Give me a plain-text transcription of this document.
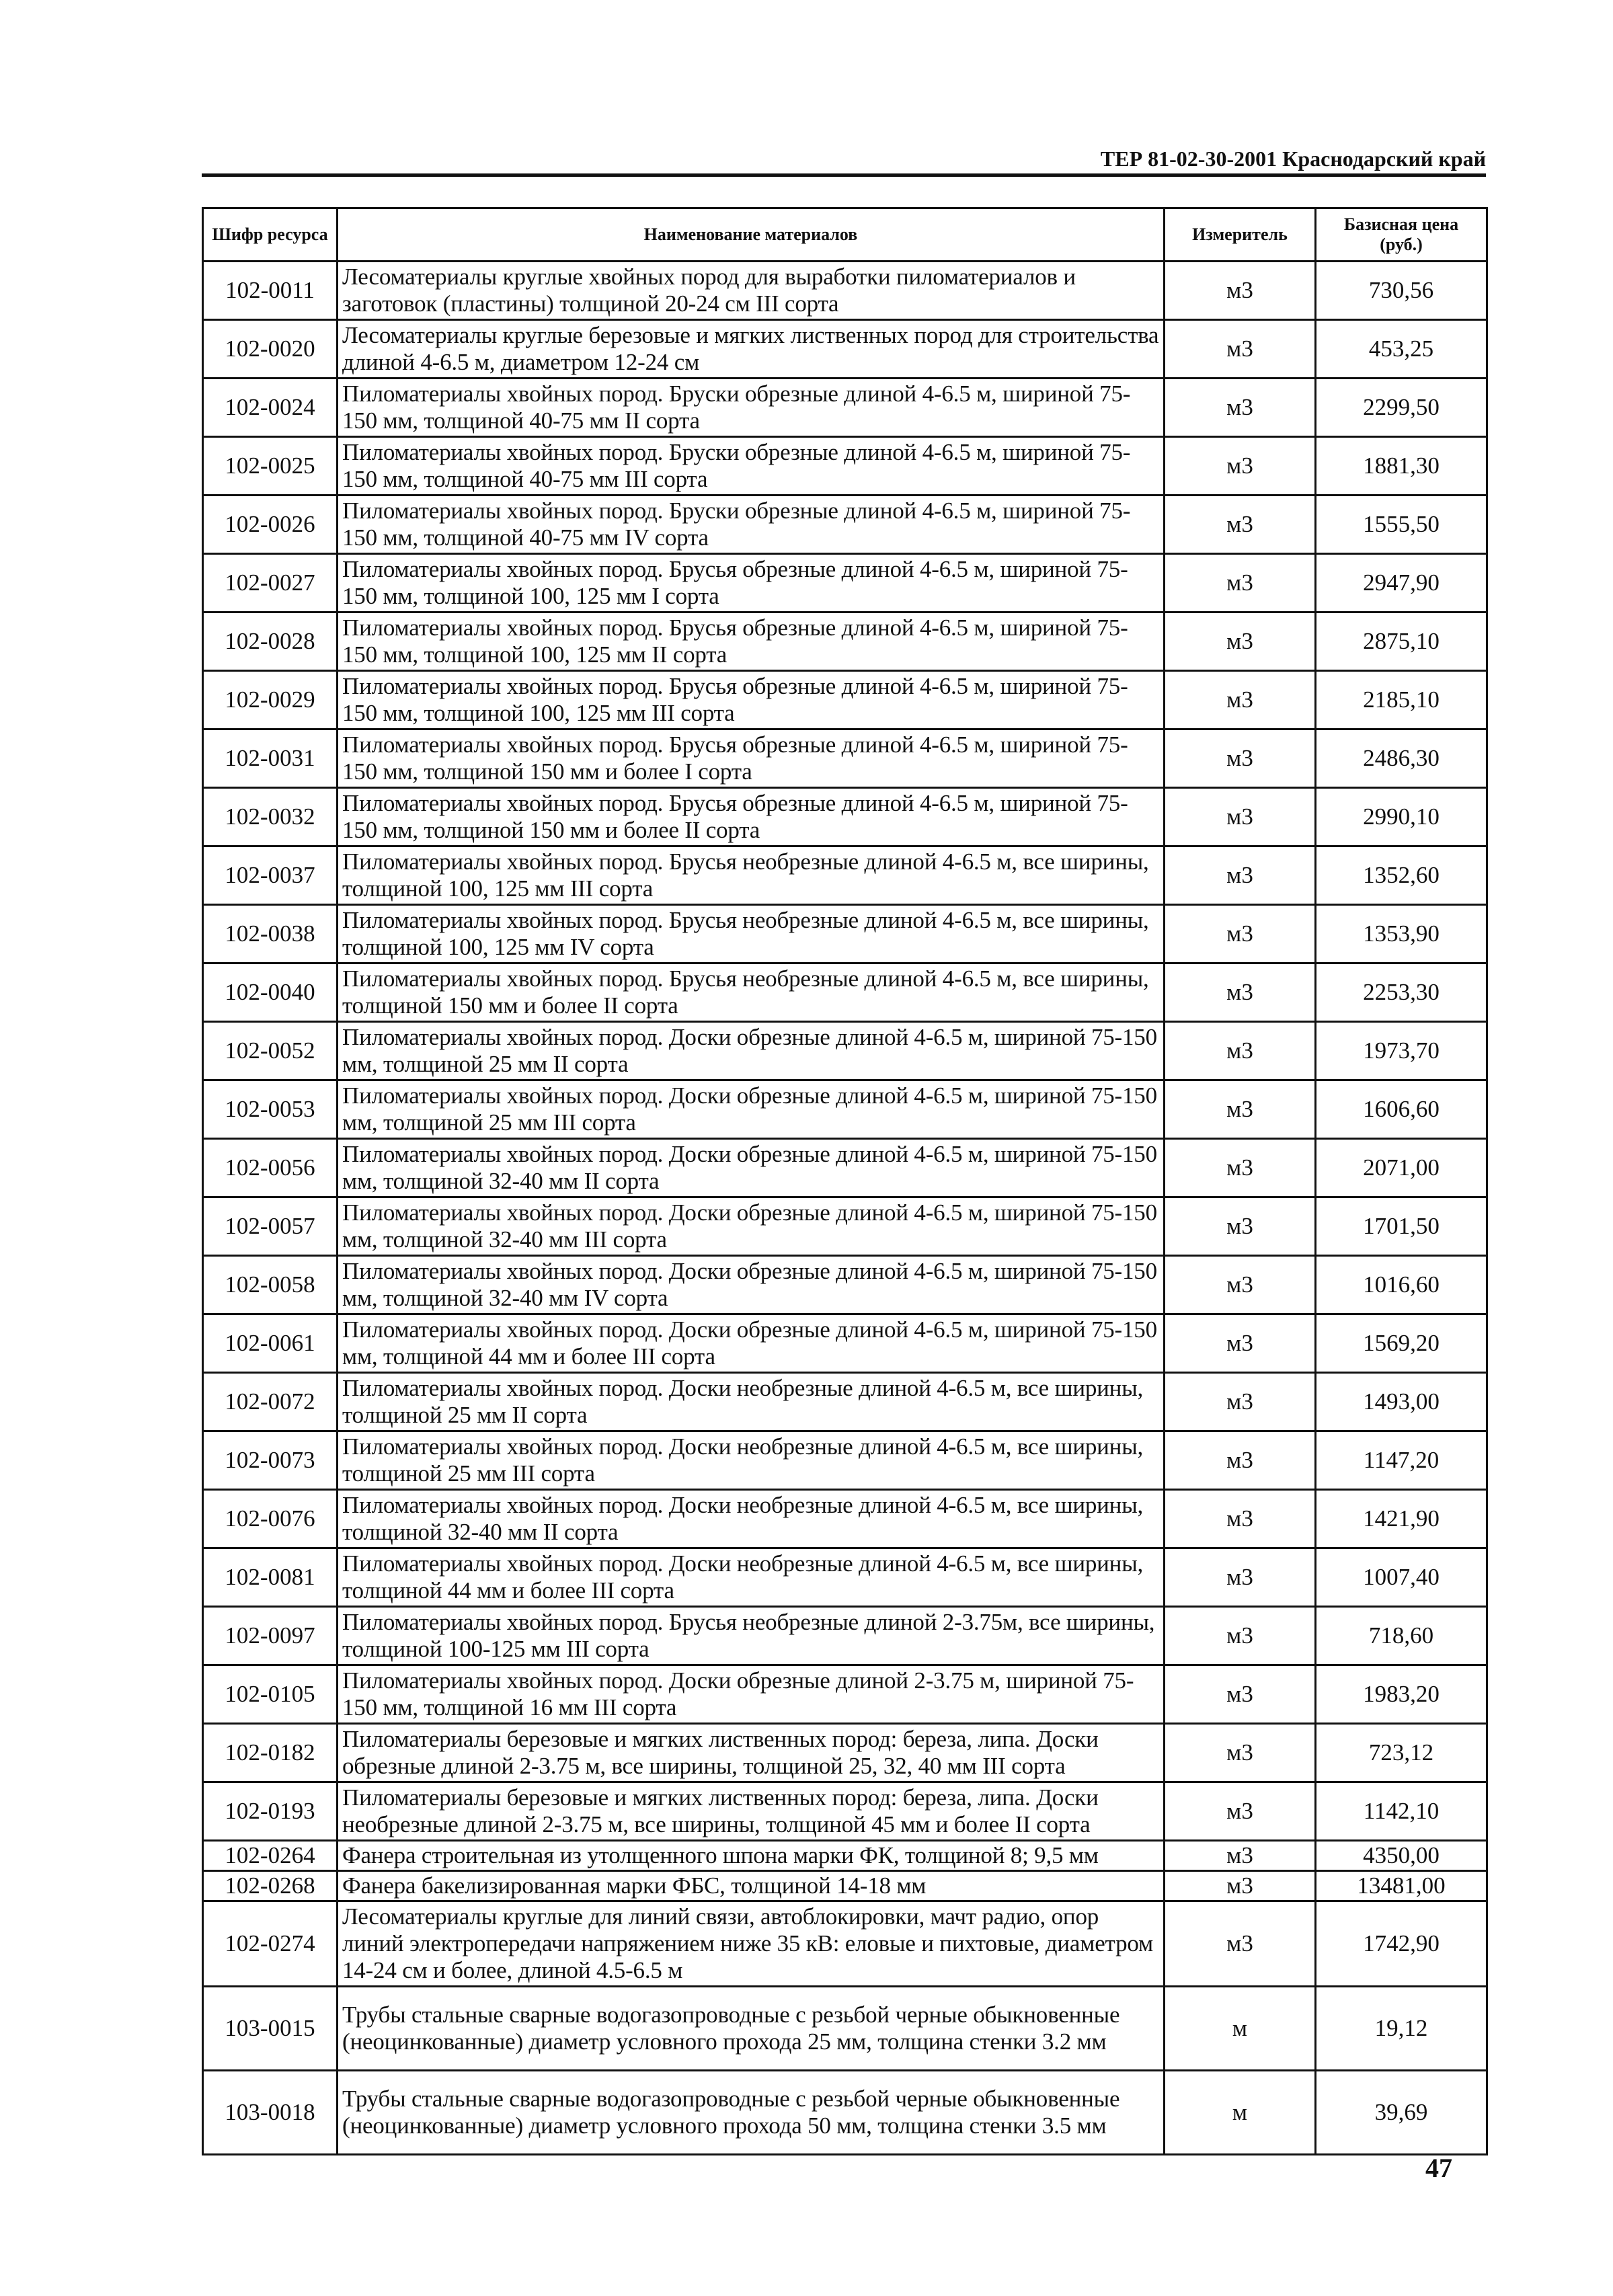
ТЕР 81-02-30-2001 Краснодарский край
Шифр ресурса	Наименование материалов	Измеритель	Базисная цена (руб.)
102-0011	Лесоматериалы круглые хвойных пород для выработки пиломатериалов и заготовок (пластины) толщиной 20-24 см III сорта	м3	730,56
102-0020	Лесоматериалы круглые березовые и мягких лиственных пород для строительства длиной 4-6.5 м, диаметром 12-24 см	м3	453,25
102-0024	Пиломатериалы хвойных пород. Бруски обрезные длиной 4-6.5 м, шириной 75-150 мм, толщиной 40-75 мм II сорта	м3	2299,50
102-0025	Пиломатериалы хвойных пород. Бруски обрезные длиной 4-6.5 м, шириной 75-150 мм, толщиной 40-75 мм III сорта	м3	1881,30
102-0026	Пиломатериалы хвойных пород. Бруски обрезные длиной 4-6.5 м, шириной 75-150 мм, толщиной 40-75 мм IV сорта	м3	1555,50
102-0027	Пиломатериалы хвойных пород. Брусья обрезные длиной 4-6.5 м, шириной 75-150 мм, толщиной 100, 125 мм I сорта	м3	2947,90
102-0028	Пиломатериалы хвойных пород. Брусья обрезные длиной 4-6.5 м, шириной 75-150 мм, толщиной 100, 125 мм II сорта	м3	2875,10
102-0029	Пиломатериалы хвойных пород. Брусья обрезные длиной 4-6.5 м, шириной 75-150 мм, толщиной 100, 125 мм III сорта	м3	2185,10
102-0031	Пиломатериалы хвойных пород. Брусья обрезные длиной 4-6.5 м, шириной 75-150 мм, толщиной 150 мм и более I сорта	м3	2486,30
102-0032	Пиломатериалы хвойных пород. Брусья обрезные длиной 4-6.5 м, шириной 75-150 мм, толщиной 150 мм и более II сорта	м3	2990,10
102-0037	Пиломатериалы хвойных пород. Брусья необрезные длиной 4-6.5 м, все ширины, толщиной 100, 125 мм III сорта	м3	1352,60
102-0038	Пиломатериалы хвойных пород. Брусья необрезные длиной 4-6.5 м, все ширины, толщиной 100, 125 мм IV сорта	м3	1353,90
102-0040	Пиломатериалы хвойных пород. Брусья необрезные длиной 4-6.5 м, все ширины, толщиной 150 мм и более II сорта	м3	2253,30
102-0052	Пиломатериалы хвойных пород. Доски обрезные длиной 4-6.5 м, шириной 75-150 мм, толщиной 25 мм II сорта	м3	1973,70
102-0053	Пиломатериалы хвойных пород. Доски обрезные длиной 4-6.5 м, шириной 75-150 мм, толщиной 25 мм III сорта	м3	1606,60
102-0056	Пиломатериалы хвойных пород. Доски обрезные длиной 4-6.5 м, шириной 75-150 мм, толщиной 32-40 мм II сорта	м3	2071,00
102-0057	Пиломатериалы хвойных пород. Доски обрезные длиной 4-6.5 м, шириной 75-150 мм, толщиной 32-40 мм III сорта	м3	1701,50
102-0058	Пиломатериалы хвойных пород. Доски обрезные длиной 4-6.5 м, шириной 75-150 мм, толщиной 32-40 мм IV сорта	м3	1016,60
102-0061	Пиломатериалы хвойных пород. Доски обрезные длиной 4-6.5 м, шириной 75-150 мм, толщиной 44 мм и более III сорта	м3	1569,20
102-0072	Пиломатериалы хвойных пород. Доски необрезные длиной 4-6.5 м, все ширины, толщиной 25 мм II сорта	м3	1493,00
102-0073	Пиломатериалы хвойных пород. Доски необрезные длиной 4-6.5 м, все ширины, толщиной 25 мм III сорта	м3	1147,20
102-0076	Пиломатериалы хвойных пород. Доски необрезные длиной 4-6.5 м, все ширины, толщиной 32-40 мм II сорта	м3	1421,90
102-0081	Пиломатериалы хвойных пород. Доски необрезные длиной 4-6.5 м, все ширины, толщиной 44 мм и более III сорта	м3	1007,40
102-0097	Пиломатериалы хвойных пород. Брусья необрезные длиной 2-3.75м, все ширины, толщиной 100-125 мм III сорта	м3	718,60
102-0105	Пиломатериалы хвойных пород. Доски обрезные длиной 2-3.75 м, шириной 75-150 мм, толщиной 16 мм III сорта	м3	1983,20
102-0182	Пиломатериалы березовые и мягких лиственных пород: береза, липа. Доски обрезные длиной 2-3.75 м, все ширины, толщиной 25, 32, 40 мм III сорта	м3	723,12
102-0193	Пиломатериалы березовые и мягких лиственных пород: береза, липа. Доски необрезные длиной 2-3.75 м, все ширины, толщиной 45 мм и более II сорта	м3	1142,10
102-0264	Фанера строительная из утолщенного шпона марки ФК, толщиной 8; 9,5 мм	м3	4350,00
102-0268	Фанера бакелизированная марки ФБС, толщиной 14-18 мм	м3	13481,00
102-0274	Лесоматериалы круглые для линий связи, автоблокировки, мачт радио, опор линий электропередачи напряжением ниже 35 кВ: еловые и пихтовые, диаметром 14-24 см и более, длиной 4.5-6.5 м	м3	1742,90
103-0015	Трубы стальные сварные водогазопроводные с резьбой черные обыкновенные (неоцинкованные) диаметр условного прохода 25 мм, толщина стенки 3.2 мм	м	19,12
103-0018	Трубы стальные сварные водогазопроводные с резьбой черные обыкновенные (неоцинкованные) диаметр условного прохода 50 мм, толщина стенки 3.5 мм	м	39,69
47
